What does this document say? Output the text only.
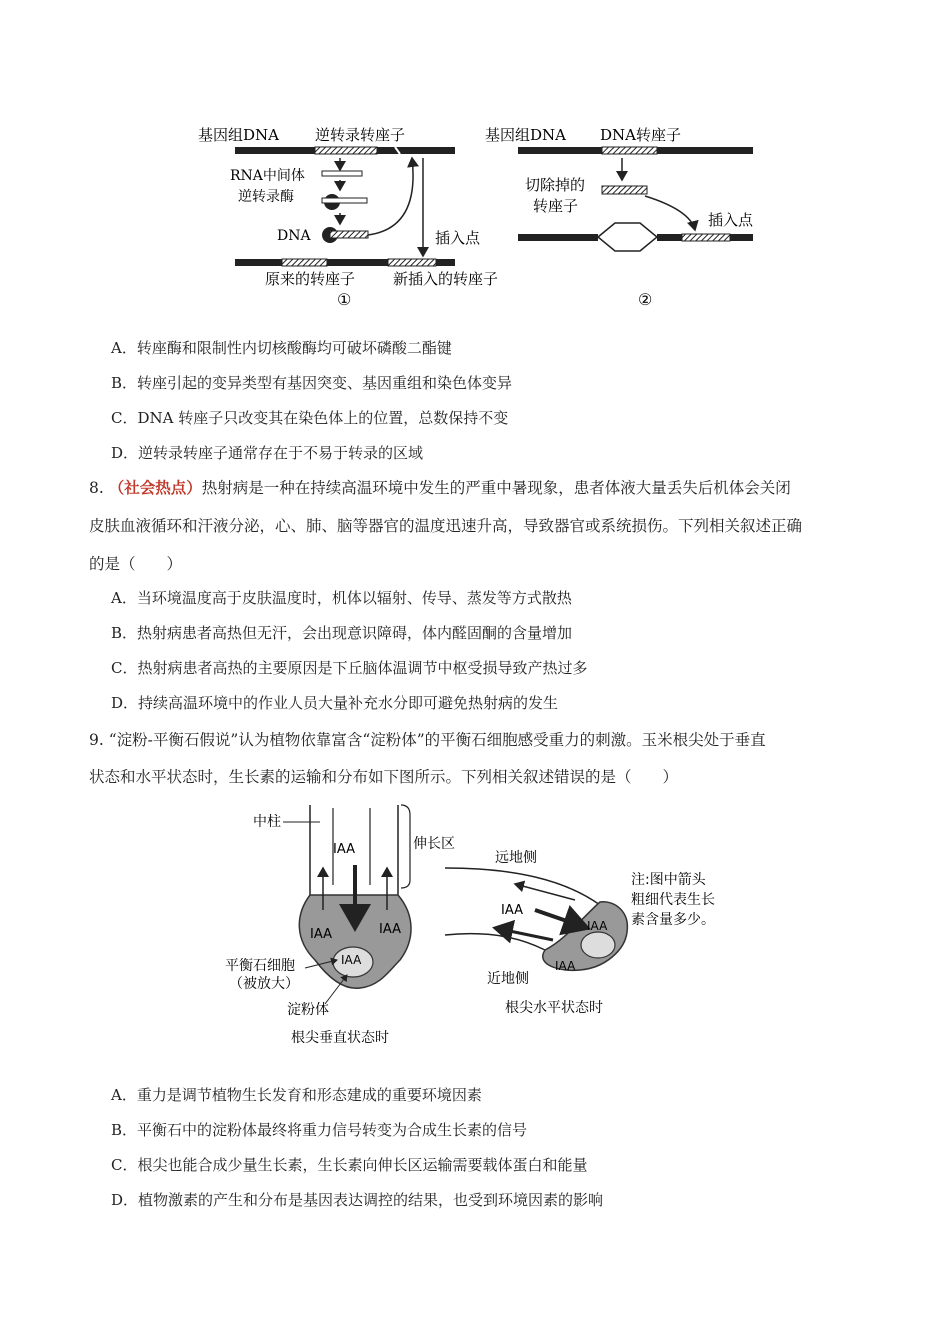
基因组DNA 逆转录转座子
RNA中间体
逆转录酶
DNA	插入点
原来的转座子	新插入的转座子
①
基因组DNA DNA转座子
切除掉的
转座子
插入点
②
A．转座酶和限制性内切核酸酶均可破坏磷酸二酯键
B．转座引起的变异类型有基因突变、基因重组和染色体变异
C．DNA 转座子只改变其在染色体上的位置，总数保持不变
D．逆转录转座子通常存在于不易于转录的区域
8. （社会热点）热射病是一种在持续高温环境中发生的严重中暑现象，患者体液大量丢失后机体会关闭
皮肤血液循环和汗液分泌，心、肺、脑等器官的温度迅速升高，导致器官或系统损伤。下列相关叙述正确
的是（　　）
A．当环境温度高于皮肤温度时，机体以辐射、传导、蒸发等方式散热
B．热射病患者高热但无汗，会出现意识障碍，体内醛固酮的含量增加
C．热射病患者高热的主要原因是下丘脑体温调节中枢受损导致产热过多
D．持续高温环境中的作业人员大量补充水分即可避免热射病的发生
9. “淀粉-平衡石假说”认为植物依靠富含“淀粉体”的平衡石细胞感受重力的刺激。玉米根尖处于垂直
状态和水平状态时，生长素的运输和分布如下图所示。下列相关叙述错误的是（　　）
中柱
IAA
IAA	IAA
IAA
伸长区
平衡石细胞
（被放大）
淀粉体
根尖垂直状态时
远地侧
IAA
IAA
IAA
近地侧
根尖水平状态时
注:图中箭头
粗细代表生长
素含量多少。
A．重力是调节植物生长发育和形态建成的重要环境因素
B．平衡石中的淀粉体最终将重力信号转变为合成生长素的信号
C．根尖也能合成少量生长素，生长素向伸长区运输需要载体蛋白和能量
D．植物激素的产生和分布是基因表达调控的结果，也受到环境因素的影响
